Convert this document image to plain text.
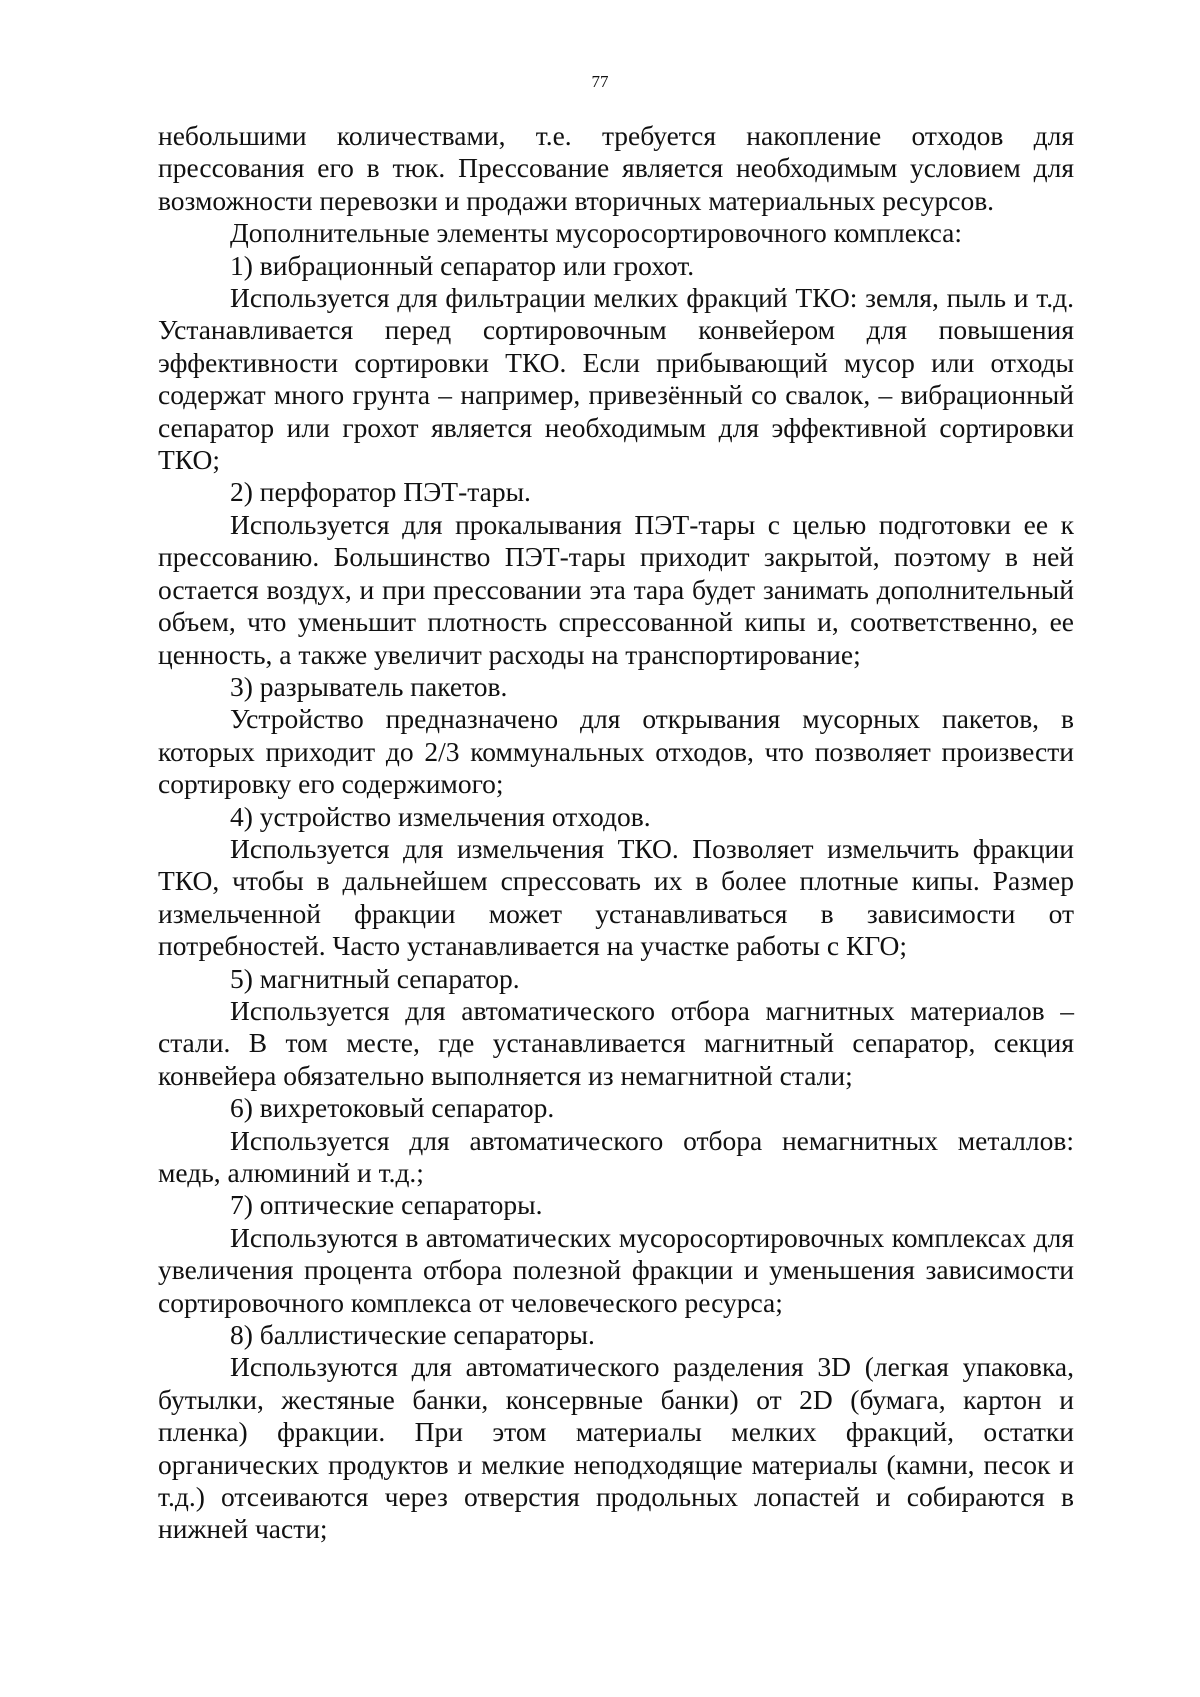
77

небольшими количествами, т.е. требуется накопление отходов для прессования его в тюк. Прессование является необходимым условием для возможности перевозки и продажи вторичных материальных ресурсов.

Дополнительные элементы мусоросортировочного комплекса:

1) вибрационный сепаратор или грохот.

Используется для фильтрации мелких фракций ТКО: земля, пыль и т.д. Устанавливается перед сортировочным конвейером для повышения эффективности сортировки ТКО. Если прибывающий мусор или отходы содержат много грунта – например, привезённый со свалок, – вибрационный сепаратор или грохот является необходимым для эффективной сортировки ТКО;

2) перфоратор ПЭТ-тары.

Используется для прокалывания ПЭТ-тары с целью подготовки ее к прессованию. Большинство ПЭТ-тары приходит закрытой, поэтому в ней остается воздух, и при прессовании эта тара будет занимать дополнительный объем, что уменьшит плотность спрессованной кипы и, соответственно, ее ценность, а также увеличит расходы на транспортирование;

3) разрыватель пакетов.

Устройство предназначено для открывания мусорных пакетов, в которых приходит до 2/3 коммунальных отходов, что позволяет произвести сортировку его содержимого;

4) устройство измельчения отходов.

Используется для измельчения ТКО. Позволяет измельчить фракции ТКО, чтобы в дальнейшем спрессовать их в более плотные кипы. Размер измельченной фракции может устанавливаться в зависимости от потребностей. Часто устанавливается на участке работы с КГО;

5) магнитный сепаратор.

Используется для автоматического отбора магнитных материалов – стали. В том месте, где устанавливается магнитный сепаратор, секция конвейера обязательно выполняется из немагнитной стали;

6) вихретоковый сепаратор.

Используется для автоматического отбора немагнитных металлов: медь, алюминий и т.д.;

7) оптические сепараторы.

Используются в автоматических мусоросортировочных комплексах для увеличения процента отбора полезной фракции и уменьшения зависимости сортировочного комплекса от человеческого ресурса;

8) баллистические сепараторы.

Используются для автоматического разделения 3D (легкая упаковка, бутылки, жестяные банки, консервные банки) от 2D (бумага, картон и пленка) фракции. При этом материалы мелких фракций, остатки органических продуктов и мелкие неподходящие материалы (камни, песок и т.д.) отсеиваются через отверстия продольных лопастей и собираются в нижней части;
